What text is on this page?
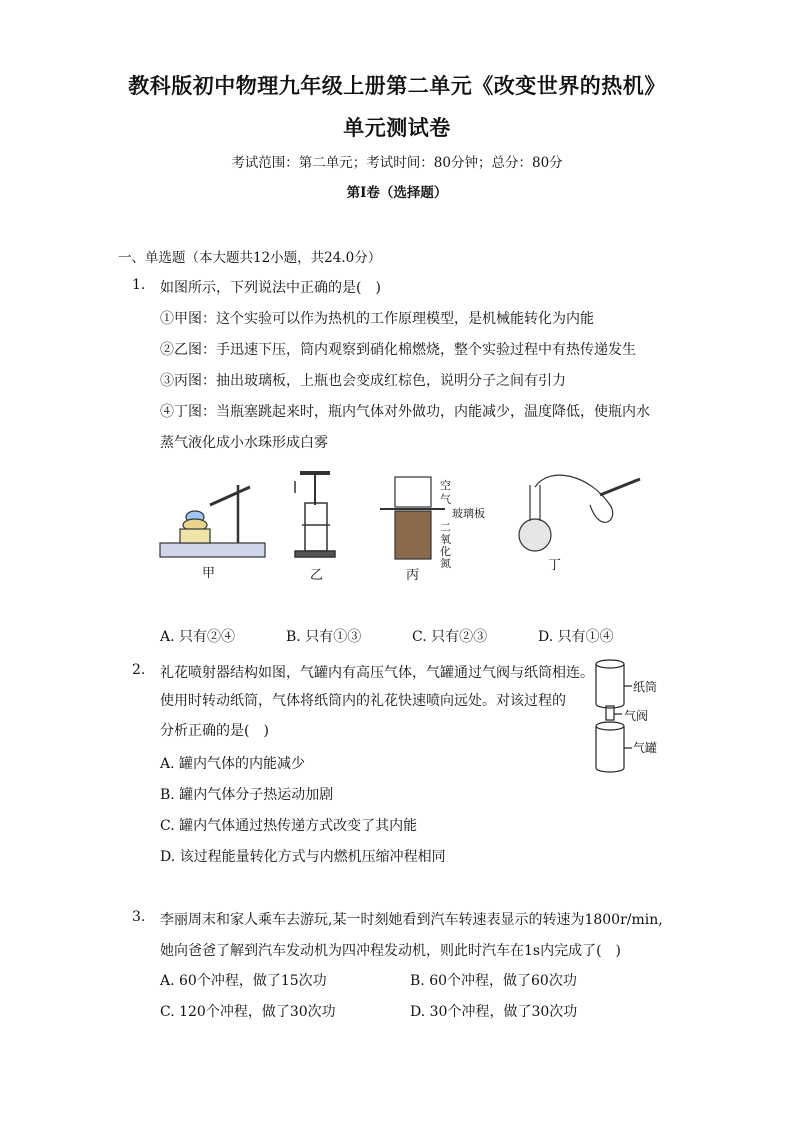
教科版初中物理九年级上册第二单元《改变世界的热机》
单元测试卷
考试范围：第二单元；考试时间：80分钟；总分：80分
第I卷（选择题）
一、单选题（本大题共12小题，共24.0分）
1. 如图所示，下列说法中正确的是(　)
①甲图：这个实验可以作为热机的工作原理模型，是机械能转化为内能
②乙图：手迅速下压，筒内观察到硝化棉燃烧，整个实验过程中有热传递发生
③丙图：抽出玻璃板，上瓶也会变成红棕色，说明分子之间有引力
④丁图：当瓶塞跳起来时，瓶内气体对外做功，内能减少，温度降低，使瓶内水
蒸气液化成小水珠形成白雾
空
气
玻璃板
二
氧
化
氮
甲	乙	丙
丁
A. 只有②④	B. 只有①③	C. 只有②③	D. 只有①④
2. 礼花喷射器结构如图，气罐内有高压气体，气罐通过气阀与纸筒相连。
使用时转动纸筒，气体将纸筒内的礼花快速喷向远处。对该过程的
分析正确的是(　)
A. 罐内气体的内能减少
B. 罐内气体分子热运动加剧
C. 罐内气体通过热传递方式改变了其内能
D. 该过程能量转化方式与内燃机压缩冲程相同
纸筒
气阀
气罐
3. 李丽周末和家人乘车去游玩,某一时刻她看到汽车转速表显示的转速为1800r/min,
她向爸爸了解到汽车发动机为四冲程发动机，则此时汽车在1s内完成了(　)
A. 60个冲程，做了15次功	B. 60个冲程，做了60次功
C. 120个冲程，做了30次功	D. 30个冲程，做了30次功
